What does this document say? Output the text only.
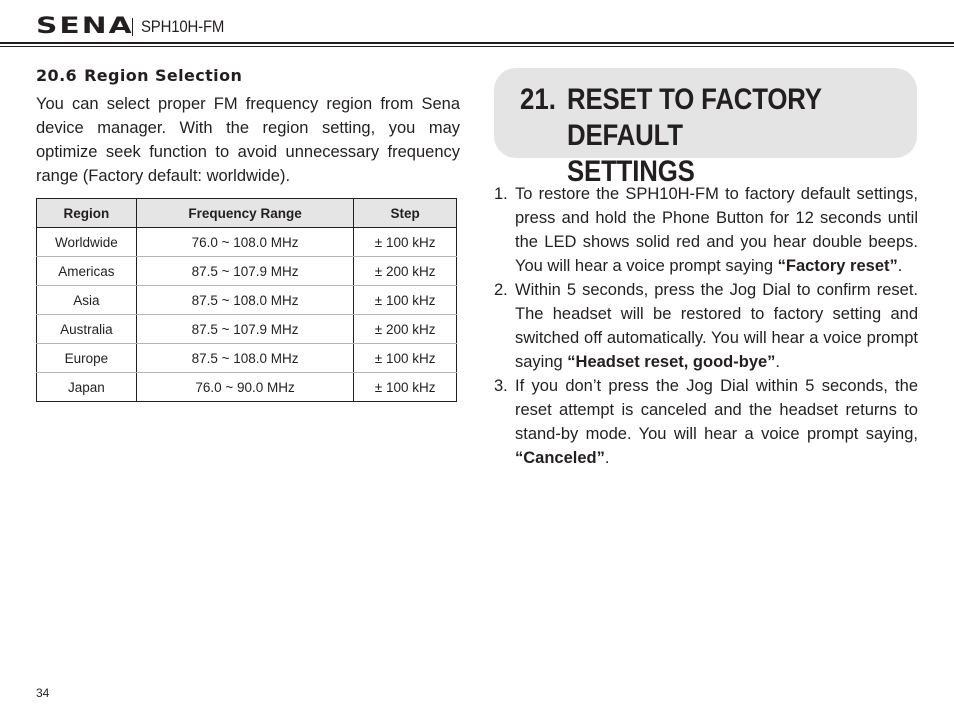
SENA SPH10H-FM
20.6 Region Selection

You can select proper FM frequency region from Sena device manager. With the region setting, you may optimize seek function to avoid unnecessary frequency range (Factory default: worldwide).

Region	Frequency Range	Step
Worldwide	76.0 ~ 108.0 MHz	± 100 kHz
Americas	87.5 ~ 107.9 MHz	± 200 kHz
Asia	87.5 ~ 108.0 MHz	± 100 kHz
Australia	87.5 ~ 107.9 MHz	± 200 kHz
Europe	87.5 ~ 108.0 MHz	± 100 kHz
Japan	76.0 ~ 90.0 MHz	± 100 kHz
21. RESET TO FACTORY DEFAULT
SETTINGS
1. To restore the SPH10H-FM to factory default settings, press and hold the Phone Button for 12 seconds until the LED shows solid red and you hear double beeps. You will hear a voice prompt saying “Factory reset”.
2. Within 5 seconds, press the Jog Dial to confirm reset. The headset will be restored to factory setting and switched off automatically. You will hear a voice prompt saying “Headset reset, good-bye”.
3. If you don’t press the Jog Dial within 5 seconds, the reset attempt is canceled and the headset returns to stand-by mode. You will hear a voice prompt saying, “Canceled”.
34
